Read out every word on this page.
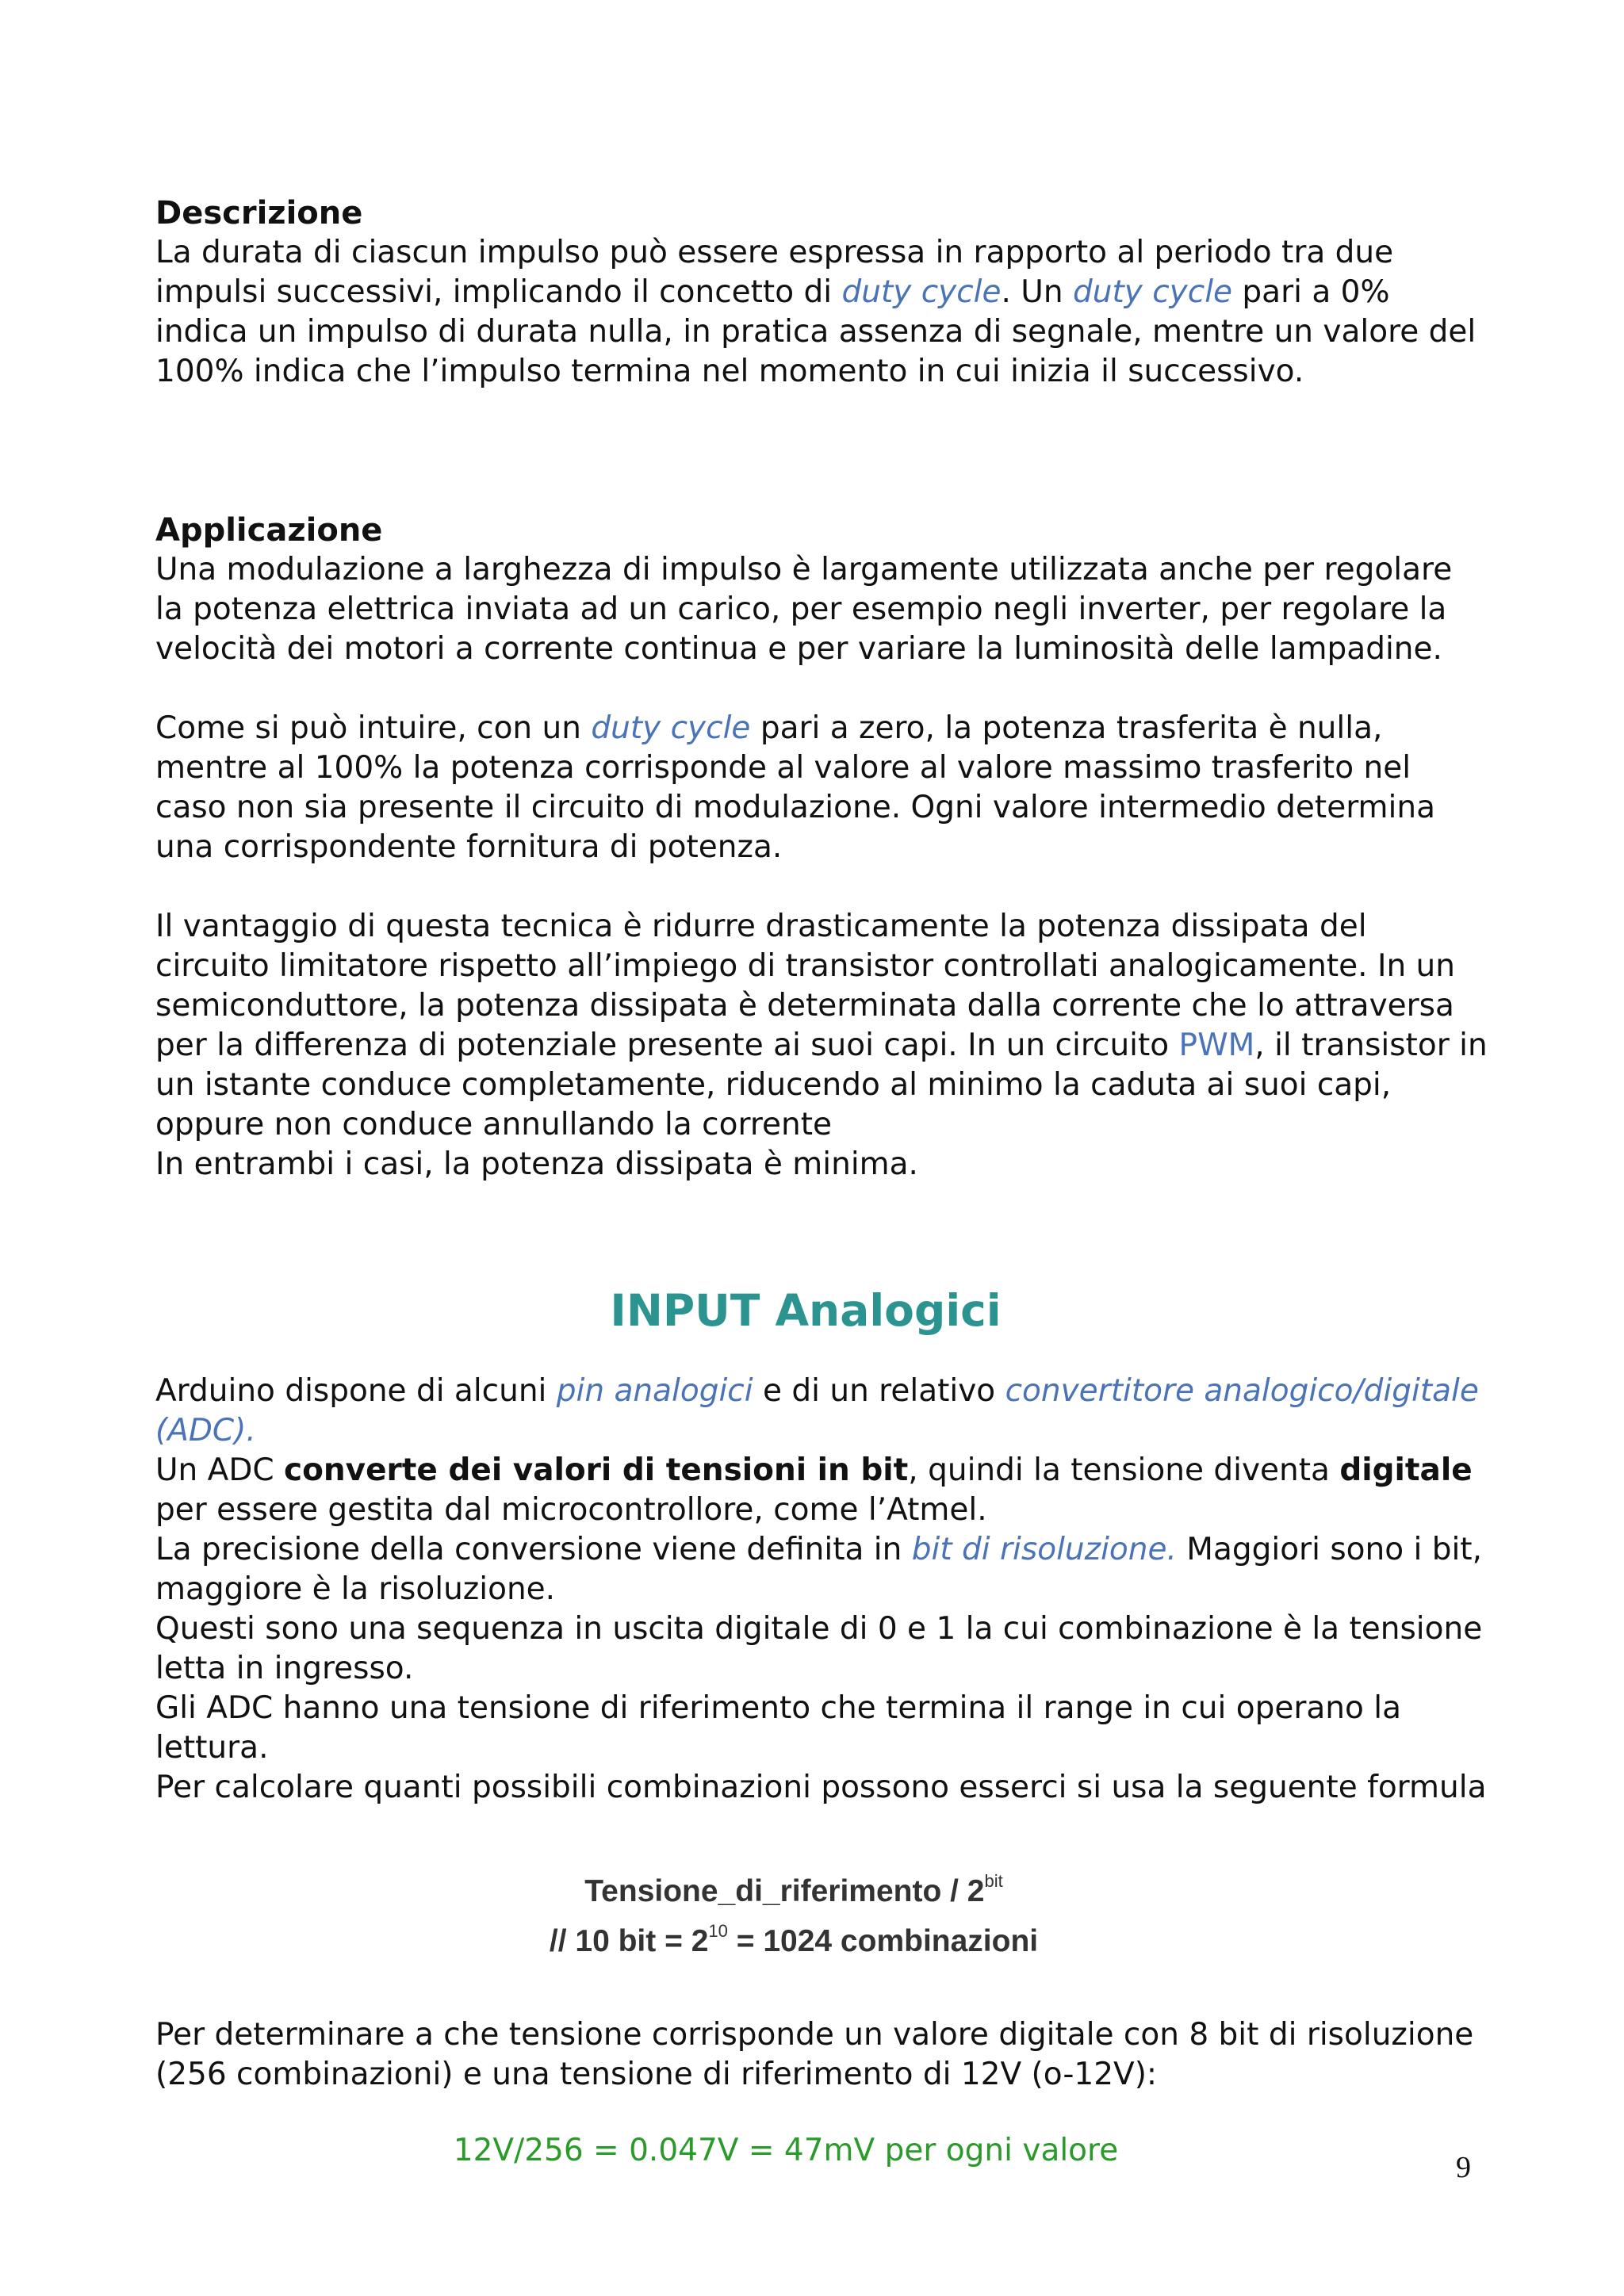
Descrizione

La durata di ciascun impulso può essere espressa in rapporto al periodo tra due impulsi successivi, implicando il concetto di duty cycle. Un duty cycle pari a 0% indica un impulso di durata nulla, in pratica assenza di segnale, mentre un valore del 100% indica che l’impulso termina nel momento in cui inizia il successivo.

Applicazione

Una modulazione a larghezza di impulso è largamente utilizzata anche per regolare la potenza elettrica inviata ad un carico, per esempio negli inverter, per regolare la velocità dei motori a corrente continua e per variare la luminosità delle lampadine.

Come si può intuire, con un duty cycle pari a zero, la potenza trasferita è nulla, mentre al 100% la potenza corrisponde al valore al valore massimo trasferito nel caso non sia presente il circuito di modulazione. Ogni valore intermedio determina una corrispondente fornitura di potenza.

Il vantaggio di questa tecnica è ridurre drasticamente la potenza dissipata del circuito limitatore rispetto all’impiego di transistor controllati analogicamente. In un semiconduttore, la potenza dissipata è determinata dalla corrente che lo attraversa per la differenza di potenziale presente ai suoi capi. In un circuito PWM, il transistor in un istante conduce completamente, riducendo al minimo la caduta ai suoi capi, oppure non conduce annullando la corrente

In entrambi i casi, la potenza dissipata è minima.

INPUT Analogici

Arduino dispone di alcuni pin analogici e di un relativo convertitore analogico/digitale (ADC).

Un ADC converte dei valori di tensioni in bit, quindi la tensione diventa digitale per essere gestita dal microcontrollore, come l’Atmel.

La precisione della conversione viene definita in bit di risoluzione. Maggiori sono i bit, maggiore è la risoluzione.

Questi sono una sequenza in uscita digitale di 0 e 1 la cui combinazione è la tensione letta in ingresso.

Gli ADC hanno una tensione di riferimento che termina il range in cui operano la lettura.

Per calcolare quanti possibili combinazioni possono esserci si usa la seguente formula

Tensione_di_riferimento / $2^{bit}$
// 10 bit = $2^{10} = 1024$ combinazioni

Per determinare a che tensione corrisponde un valore digitale con 8 bit di risoluzione (256 combinazioni) e una tensione di riferimento di 12V (o-12V):

12V/256 = 0.047V = 47mV per ogni valore	9
